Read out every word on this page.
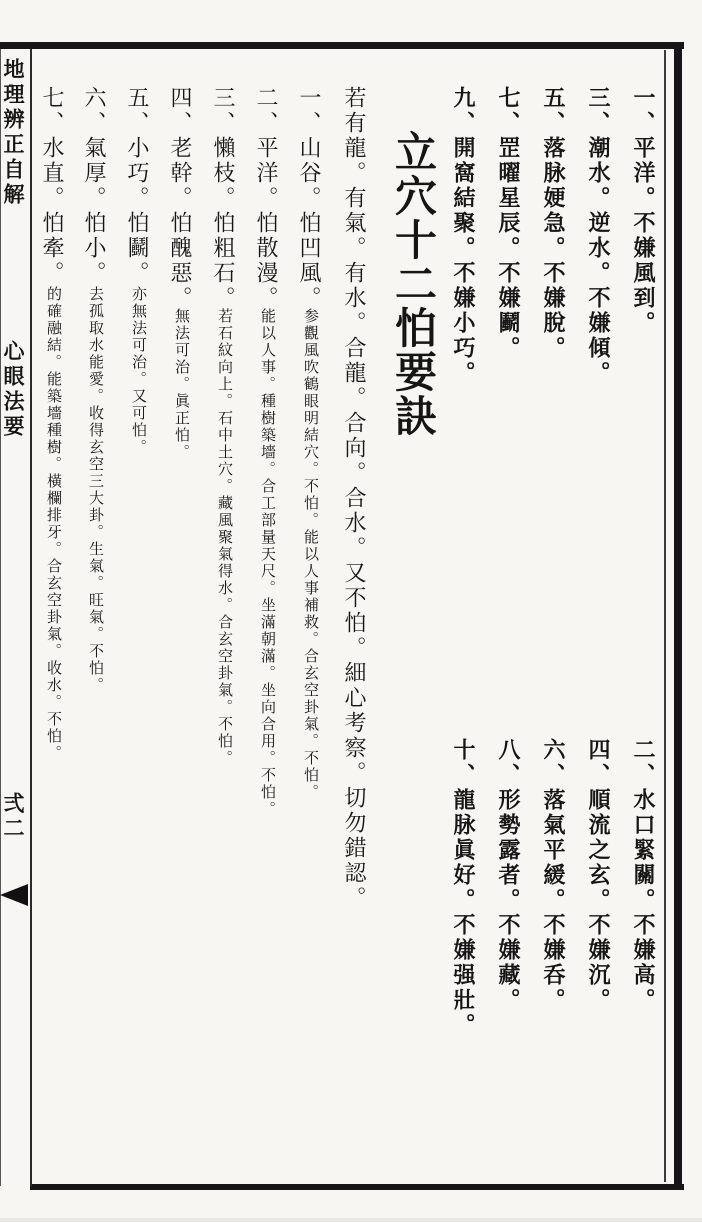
地理辨正自解
心眼法要
弍二
一、平洋。不嫌風到。
三、潮水。逆水。不嫌傾。
五、落脉㛐急。不嫌脫。
七、罡曜星辰。不嫌鬬。
九、開窩結聚。不嫌小巧。
二、水口緊關。不嫌高。
四、順流之玄。不嫌沉。
六、落氣平緩。不嫌呑。
八、形勢露者。不嫌藏。
十、龍脉眞好。不嫌强壯。
立穴十二怕要訣
若有龍。有氣。有水。合龍。合向。合水。又不怕。細心考察。切勿錯認。
一、山谷。怕凹風。
参觀風吹鶴眼明結穴。不怕。能以人事補救。合玄空卦氣。不怕。
二、平洋。怕散漫。
能以人事。種樹築墻。合工部量天尺。坐滿朝滿。坐向合用。不怕。
三、懶枝。怕粗石。
若石紋向上。石中土穴。藏風聚氣得水。合玄空卦氣。不怕。
四、老幹。怕醜惡。
無法可治。眞正怕。
五、小巧。怕鬬。
亦無法可治。又可怕。
六、氣厚。怕小。
去孤取水能愛。收得玄空三大卦。生氣。旺氣。不怕。
七、水直。怕牽。
的確融結。能築墻種樹。橫欄排牙。合玄空卦氣。收水。不怕。
